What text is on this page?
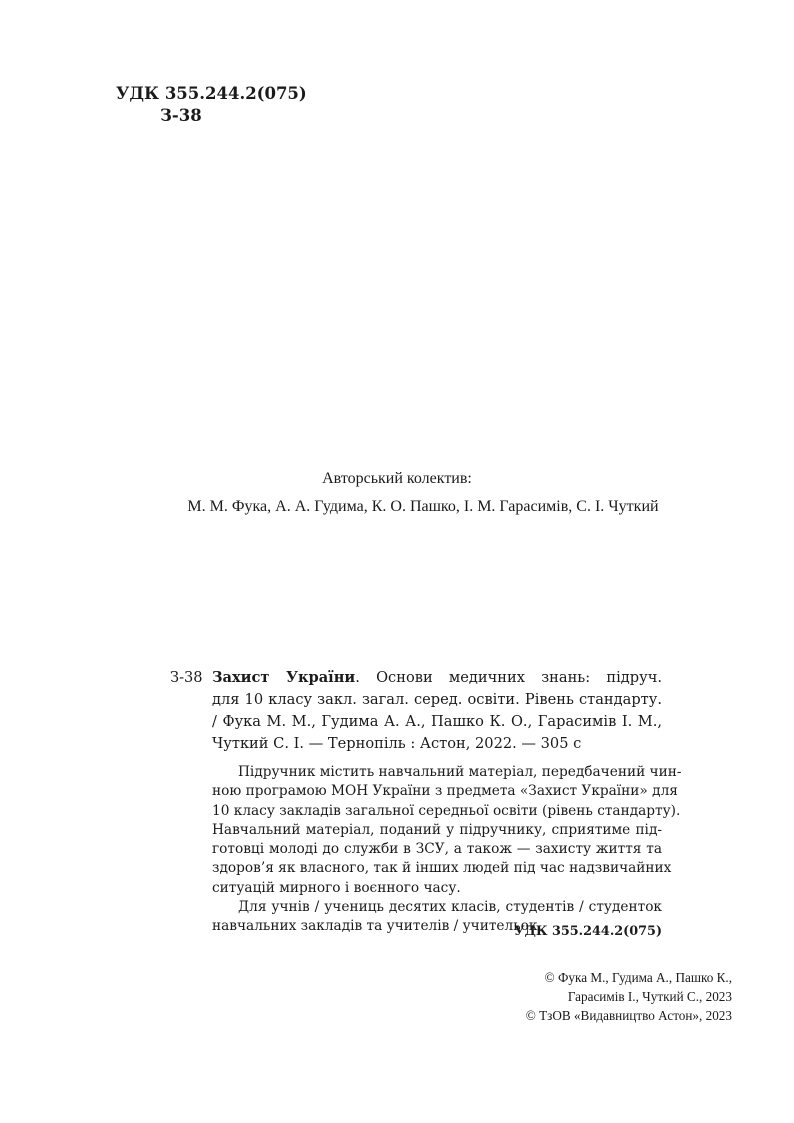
УДК 355.244.2(075)
З-38
Авторський колектив:
М. М. Фука, А. А. Гудима, К. О. Пашко, І. М. Гарасимів, С. І. Чуткий
З-38 Захист України. Основи медичних знань: підруч.
для 10 класу закл. загал. серед. освіти. Рівень стандарту.
/ Фука М. М., Гудима А. А., Пашко К. О., Гарасимів І. М.,
Чуткий С. І. — Тернопіль : Астон, 2022. — 305 с
Підручник містить навчальний матеріал, передбачений чин-
ною програмою МОН України з предмета «Захист України» для
10 класу закладів загальної середньої освіти (рівень стандарту).
Навчальний матеріал, поданий у підручнику, сприятиме під-
готовці молоді до служби в ЗСУ, а також — захисту життя та
здоров’я як власного, так й інших людей під час надзвичайних
ситуацій мирного і воєнного часу.
Для учнів / учениць десятих класів, студентів / студенток
навчальних закладів та учителів / учительок.
УДК 355.244.2(075)
© Фука М., Гудима А., Пашко К.,
Гарасимів І., Чуткий С., 2023
© ТзОВ «Видавництво Астон», 2023
